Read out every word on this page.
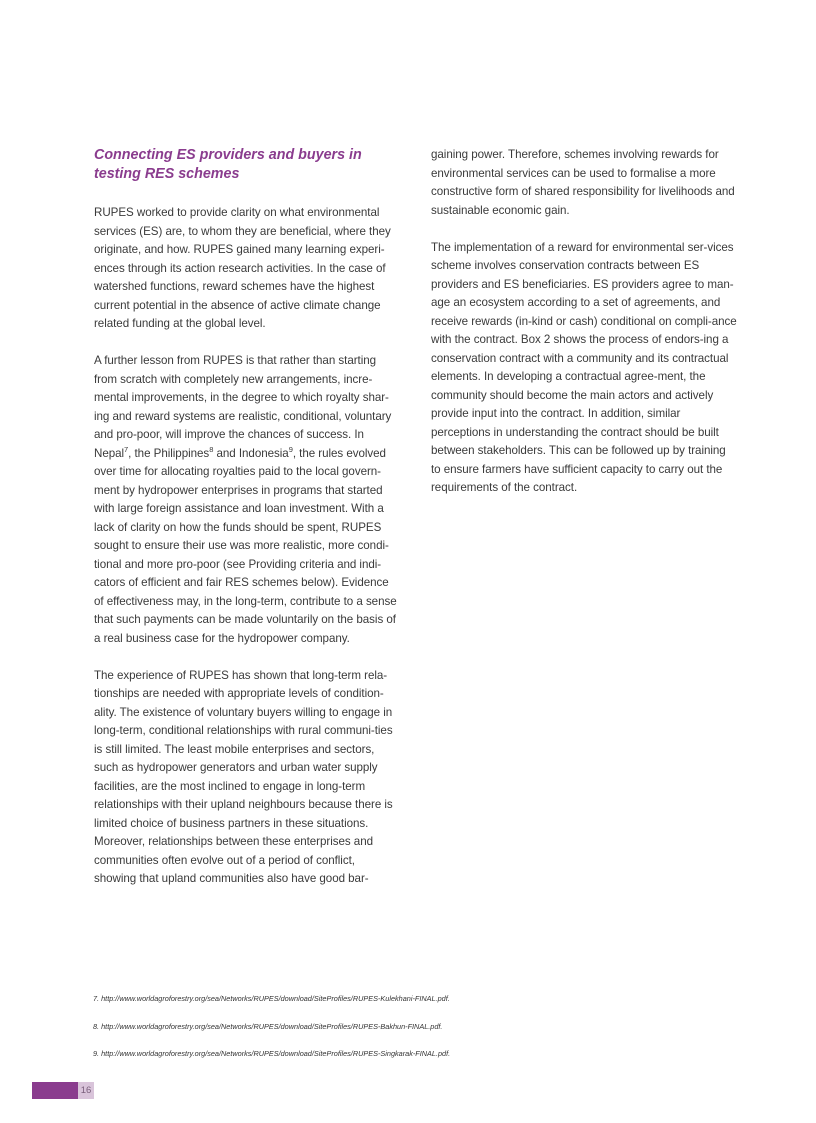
Connecting ES providers and buyers in testing RES schemes

RUPES worked to provide clarity on what environmental services (ES) are, to whom they are beneficial, where they originate, and how. RUPES gained many learning experi-ences through its action research activities. In the case of watershed functions, reward schemes have the highest current potential in the absence of active climate change related funding at the global level.

A further lesson from RUPES is that rather than starting from scratch with completely new arrangements, incre-mental improvements, in the degree to which royalty shar-ing and reward systems are realistic, conditional, voluntary and pro-poor, will improve the chances of success. In Nepal$^7$, the Philippines$^8$ and Indonesia$^9$, the rules evolved over time for allocating royalties paid to the local govern-ment by hydropower enterprises in programs that started with large foreign assistance and loan investment. With a lack of clarity on how the funds should be spent, RUPES sought to ensure their use was more realistic, more condi-tional and more pro-poor (see Providing criteria and indi-cators of efficient and fair RES schemes below). Evidence of effectiveness may, in the long-term, contribute to a sense that such payments can be made voluntarily on the basis of a real business case for the hydropower company.

The experience of RUPES has shown that long-term rela-tionships are needed with appropriate levels of condition-ality. The existence of voluntary buyers willing to engage in long-term, conditional relationships with rural communi-ties is still limited. The least mobile enterprises and sectors, such as hydropower generators and urban water supply facilities, are the most inclined to engage in long-term relationships with their upland neighbours because there is limited choice of business partners in these situations. Moreover, relationships between these enterprises and communities often evolve out of a period of conflict, showing that upland communities also have good bar-

gaining power. Therefore, schemes involving rewards for environmental services can be used to formalise a more constructive form of shared responsibility for livelihoods and sustainable economic gain.

The implementation of a reward for environmental ser-vices scheme involves conservation contracts between ES providers and ES beneficiaries. ES providers agree to man-age an ecosystem according to a set of agreements, and receive rewards (in-kind or cash) conditional on compli-ance with the contract. Box 2 shows the process of endors-ing a conservation contract with a community and its contractual elements. In developing a contractual agree-ment, the community should become the main actors and actively provide input into the contract. In addition, similar perceptions in understanding the contract should be built between stakeholders. This can be followed up by training to ensure farmers have sufficient capacity to carry out the requirements of the contract.

7. http://www.worldagroforestry.org/sea/Networks/RUPES/download/SiteProfiles/RUPES-Kulekhani-FINAL.pdf.
8. http://www.worldagroforestry.org/sea/Networks/RUPES/download/SiteProfiles/RUPES-Bakhun-FINAL.pdf.
9. http://www.worldagroforestry.org/sea/Networks/RUPES/download/SiteProfiles/RUPES-Singkarak-FINAL.pdf.
16
